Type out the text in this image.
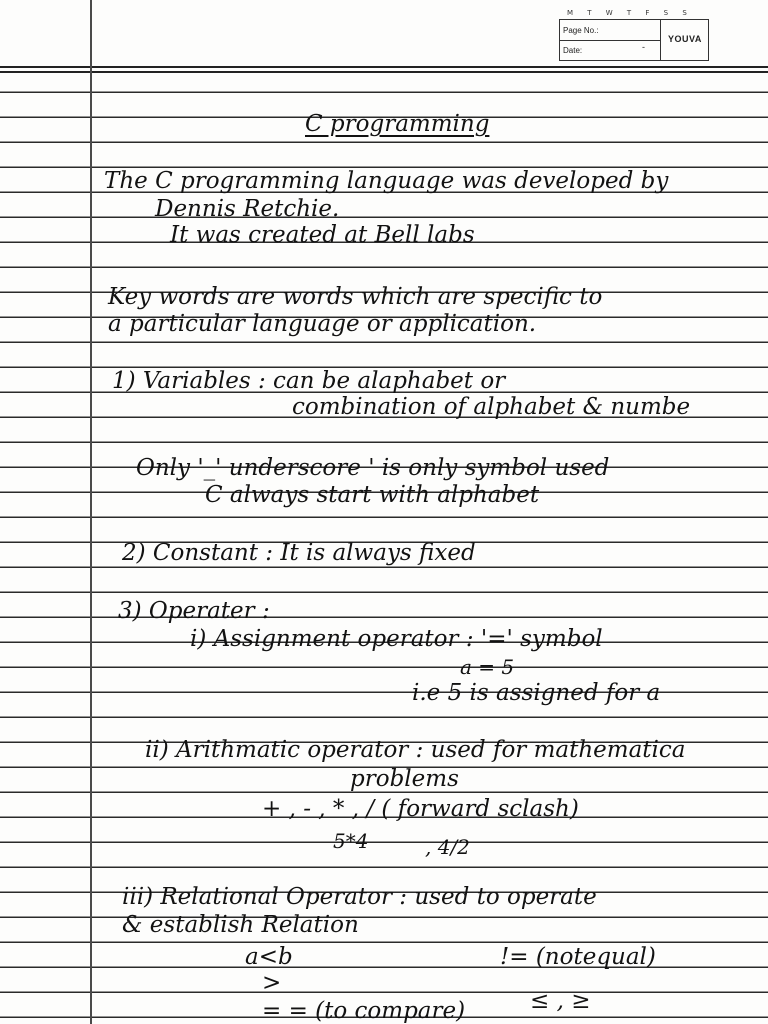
M T W T F S S
Page No.:
Date:	-
YOUVA
C programming
The C programming language was developed by
Dennis Retchie.
It was created at Bell labs
Key words are words which are specific to
a particular language or application.
1) Variables : can be alaphabet or
combination of alphabet & numbe
Only '_' underscore ' is only symbol used
C always start with alphabet
2) Constant : It is always fixed
3) Operater :
i) Assignment operator : '=' symbol
a = 5
i.e 5 is assigned for a
ii) Arithmatic operator : used for mathematica
problems
+ , - , * , / ( forward sclash)
5*4	, 4/2
iii) Relational Operator : used to operate
& establish Relation
a<b	!= (notequal)
>
= = (to compare)	≤ , ≥
